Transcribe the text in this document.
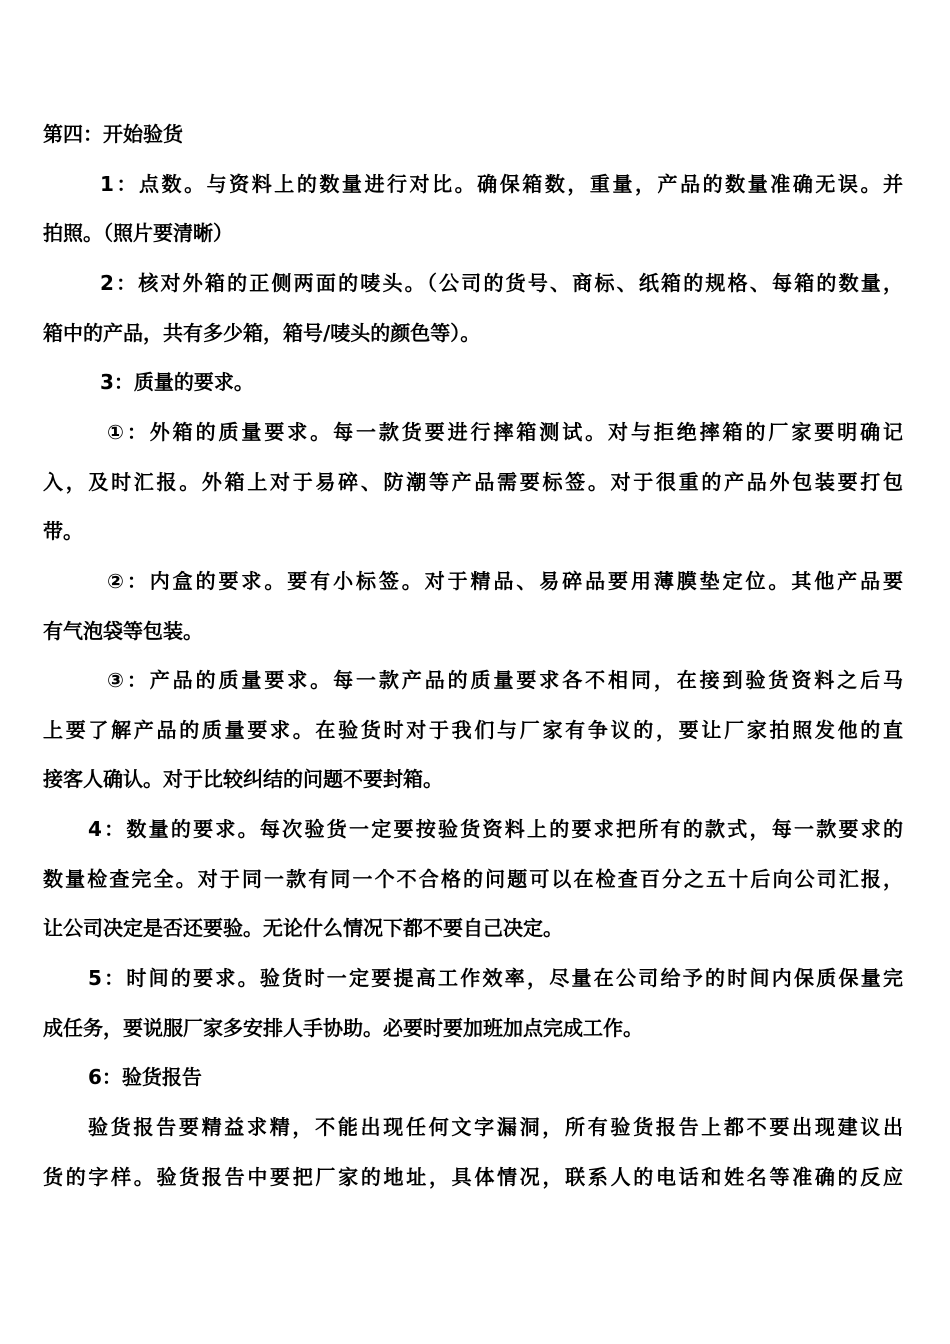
第四：开始验货
1：点数。与资料上的数量进行对比。确保箱数，重量，产品的数量准确无误。并
拍照。（照片要清晰）
2：核对外箱的正侧两面的唛头。（公司的货号、商标、纸箱的规格、每箱的数量，
箱中的产品，共有多少箱，箱号/唛头的颜色等）。
3：质量的要求。
①：外箱的质量要求。每一款货要进行摔箱测试。对与拒绝摔箱的厂家要明确记
入，及时汇报。外箱上对于易碎、防潮等产品需要标签。对于很重的产品外包装要打包
带。
②：内盒的要求。要有小标签。对于精品、易碎品要用薄膜垫定位。其他产品要
有气泡袋等包装。
③：产品的质量要求。每一款产品的质量要求各不相同，在接到验货资料之后马
上要了解产品的质量要求。在验货时对于我们与厂家有争议的，要让厂家拍照发他的直
接客人确认。对于比较纠结的问题不要封箱。
4：数量的要求。每次验货一定要按验货资料上的要求把所有的款式，每一款要求的
数量检查完全。对于同一款有同一个不合格的问题可以在检查百分之五十后向公司汇报，
让公司决定是否还要验。无论什么情况下都不要自己决定。
5：时间的要求。验货时一定要提高工作效率，尽量在公司给予的时间内保质保量完
成任务，要说服厂家多安排人手协助。必要时要加班加点完成工作。
6：验货报告
验货报告要精益求精，不能出现任何文字漏洞，所有验货报告上都不要出现建议出
货的字样。验货报告中要把厂家的地址，具体情况，联系人的电话和姓名等准确的反应
